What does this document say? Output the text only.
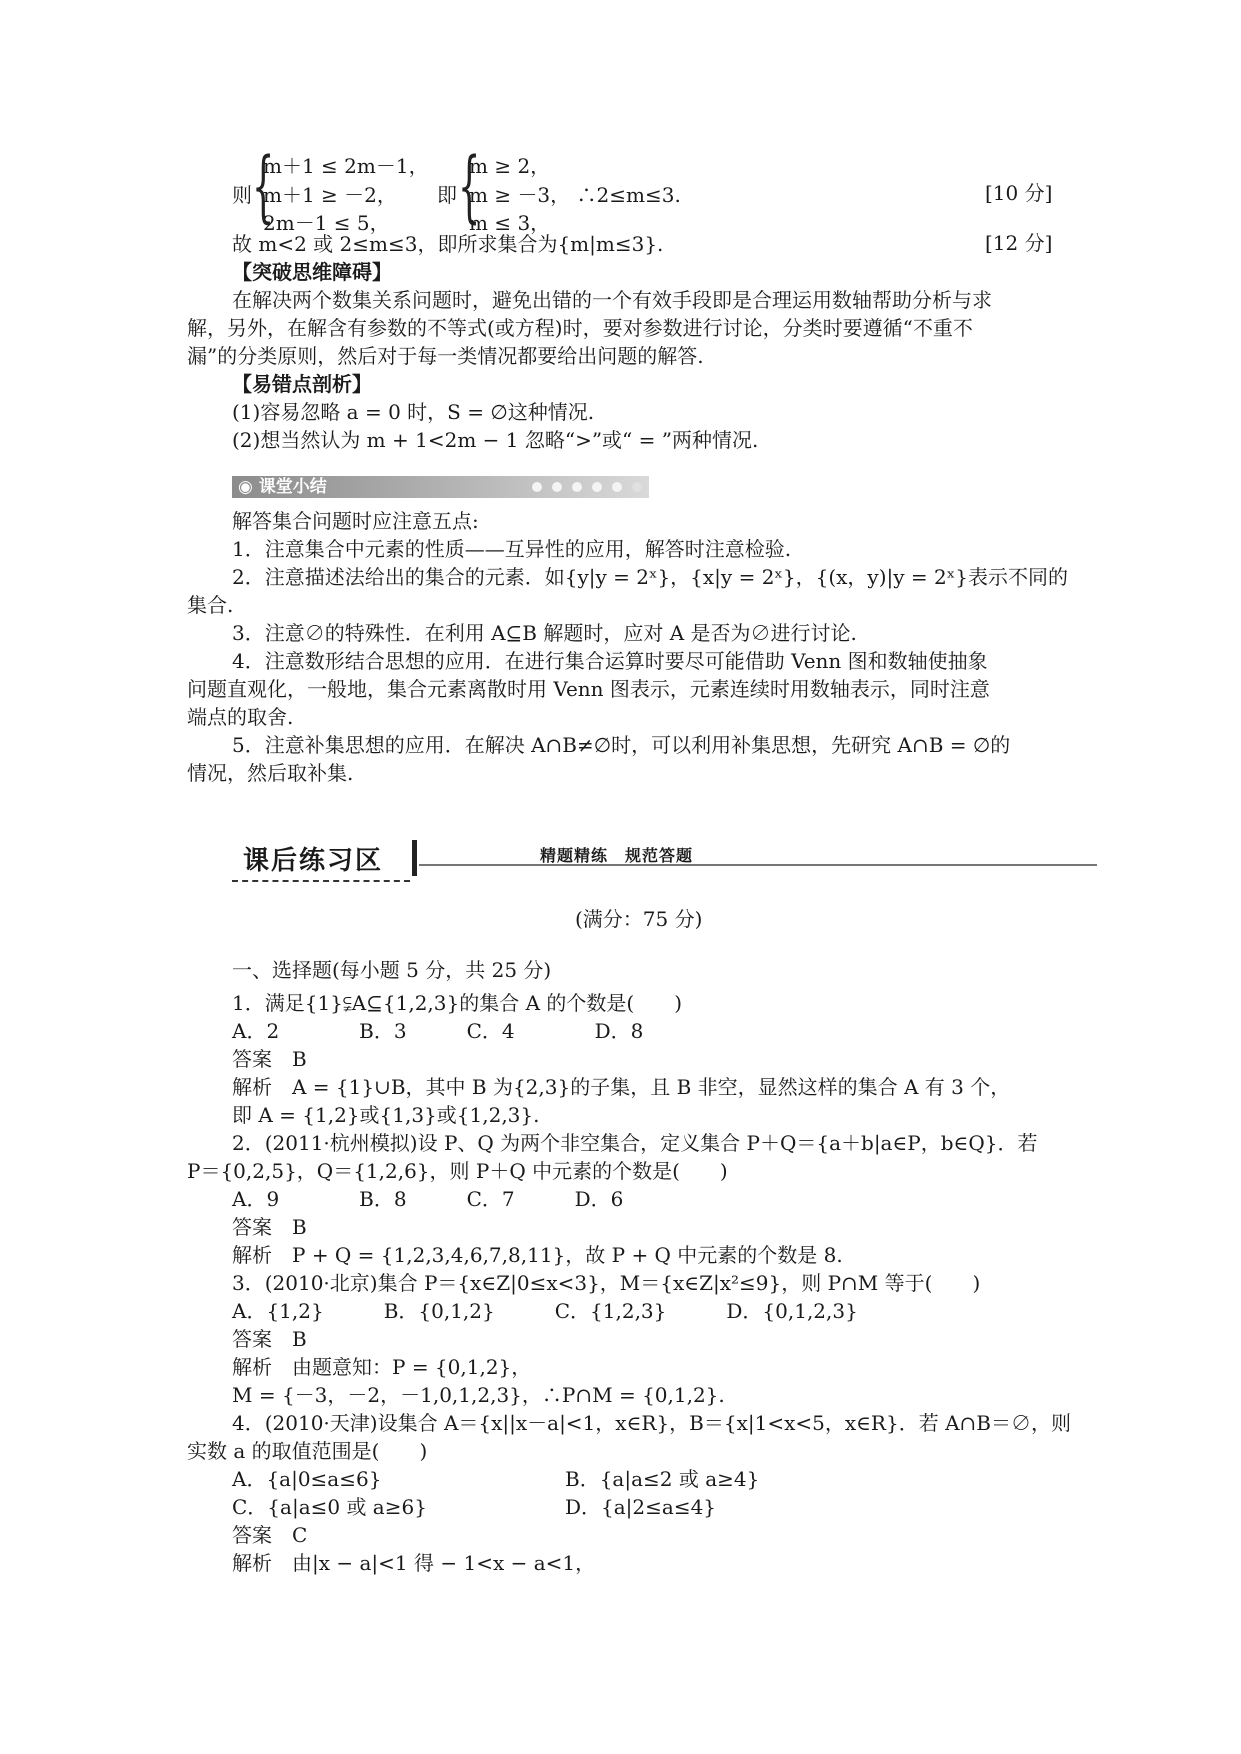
则 {
m＋1 ≤ 2m－1，
m＋1 ≥ －2，
2m－1 ≤ 5，
即 {
m ≥ 2，
m ≥ －3， ∴2≤m≤3.
m ≤ 3，
[10 分]
故 m<2 或 2≤m≤3，即所求集合为{m|m≤3}.	[12 分]
【突破思维障碍】
在解决两个数集关系问题时，避免出错的一个有效手段即是合理运用数轴帮助分析与求
解，另外，在解含有参数的不等式(或方程)时，要对参数进行讨论，分类时要遵循“不重不
漏”的分类原则，然后对于每一类情况都要给出问题的解答.
【易错点剖析】
(1)容易忽略 a = 0 时，S = ∅这种情况.
(2)想当然认为 m + 1<2m − 1 忽略“>”或“ = ”两种情况.
◉ 课堂小结
解答集合问题时应注意五点:
1．注意集合中元素的性质——互异性的应用，解答时注意检验.
2．注意描述法给出的集合的元素．如{y|y = 2ˣ}，{x|y = 2ˣ}，{(x，y)|y = 2ˣ}表示不同的
集合.
3．注意∅的特殊性．在利用 A⊆B 解题时，应对 A 是否为∅进行讨论.
4．注意数形结合思想的应用．在进行集合运算时要尽可能借助 Venn 图和数轴使抽象
问题直观化，一般地，集合元素离散时用 Venn 图表示，元素连续时用数轴表示，同时注意
端点的取舍.
5．注意补集思想的应用．在解决 A∩B≠∅时，可以利用补集思想，先研究 A∩B = ∅的
情况，然后取补集.
课后练习区	精题精练　规范答题
(满分：75 分)
一、选择题(每小题 5 分，共 25 分)
1．满足{1}⫋A⊆{1,2,3}的集合 A 的个数是(　　)
A．2　　　　B．3　　　C．4　　　　D．8
答案　B
解析　A = {1}∪B，其中 B 为{2,3}的子集，且 B 非空，显然这样的集合 A 有 3 个，
即 A = {1,2}或{1,3}或{1,2,3}.
2．(2011·杭州模拟)设 P、Q 为两个非空集合，定义集合 P＋Q＝{a＋b|a∈P，b∈Q}．若
P＝{0,2,5}，Q＝{1,2,6}，则 P＋Q 中元素的个数是(　　)
A．9　　　　B．8　　　C．7　　　D．6
答案　B
解析　P + Q = {1,2,3,4,6,7,8,11}，故 P + Q 中元素的个数是 8.
3．(2010·北京)集合 P＝{x∈Z|0≤x<3}，M＝{x∈Z|x²≤9}，则 P∩M 等于(　　)
A．{1,2}　　　B．{0,1,2}　　　C．{1,2,3}　　　D．{0,1,2,3}
答案　B
解析　由题意知：P = {0,1,2}，
M = {－3，－2，－1,0,1,2,3}，∴P∩M = {0,1,2}.
4．(2010·天津)设集合 A＝{x||x－a|<1，x∈R}，B＝{x|1<x<5，x∈R}．若 A∩B＝∅，则
实数 a 的取值范围是(　　)
A．{a|0≤a≤6}	B．{a|a≤2 或 a≥4}
C．{a|a≤0 或 a≥6}	D．{a|2≤a≤4}
答案　C
解析　由|x − a|<1 得 − 1<x − a<1，
